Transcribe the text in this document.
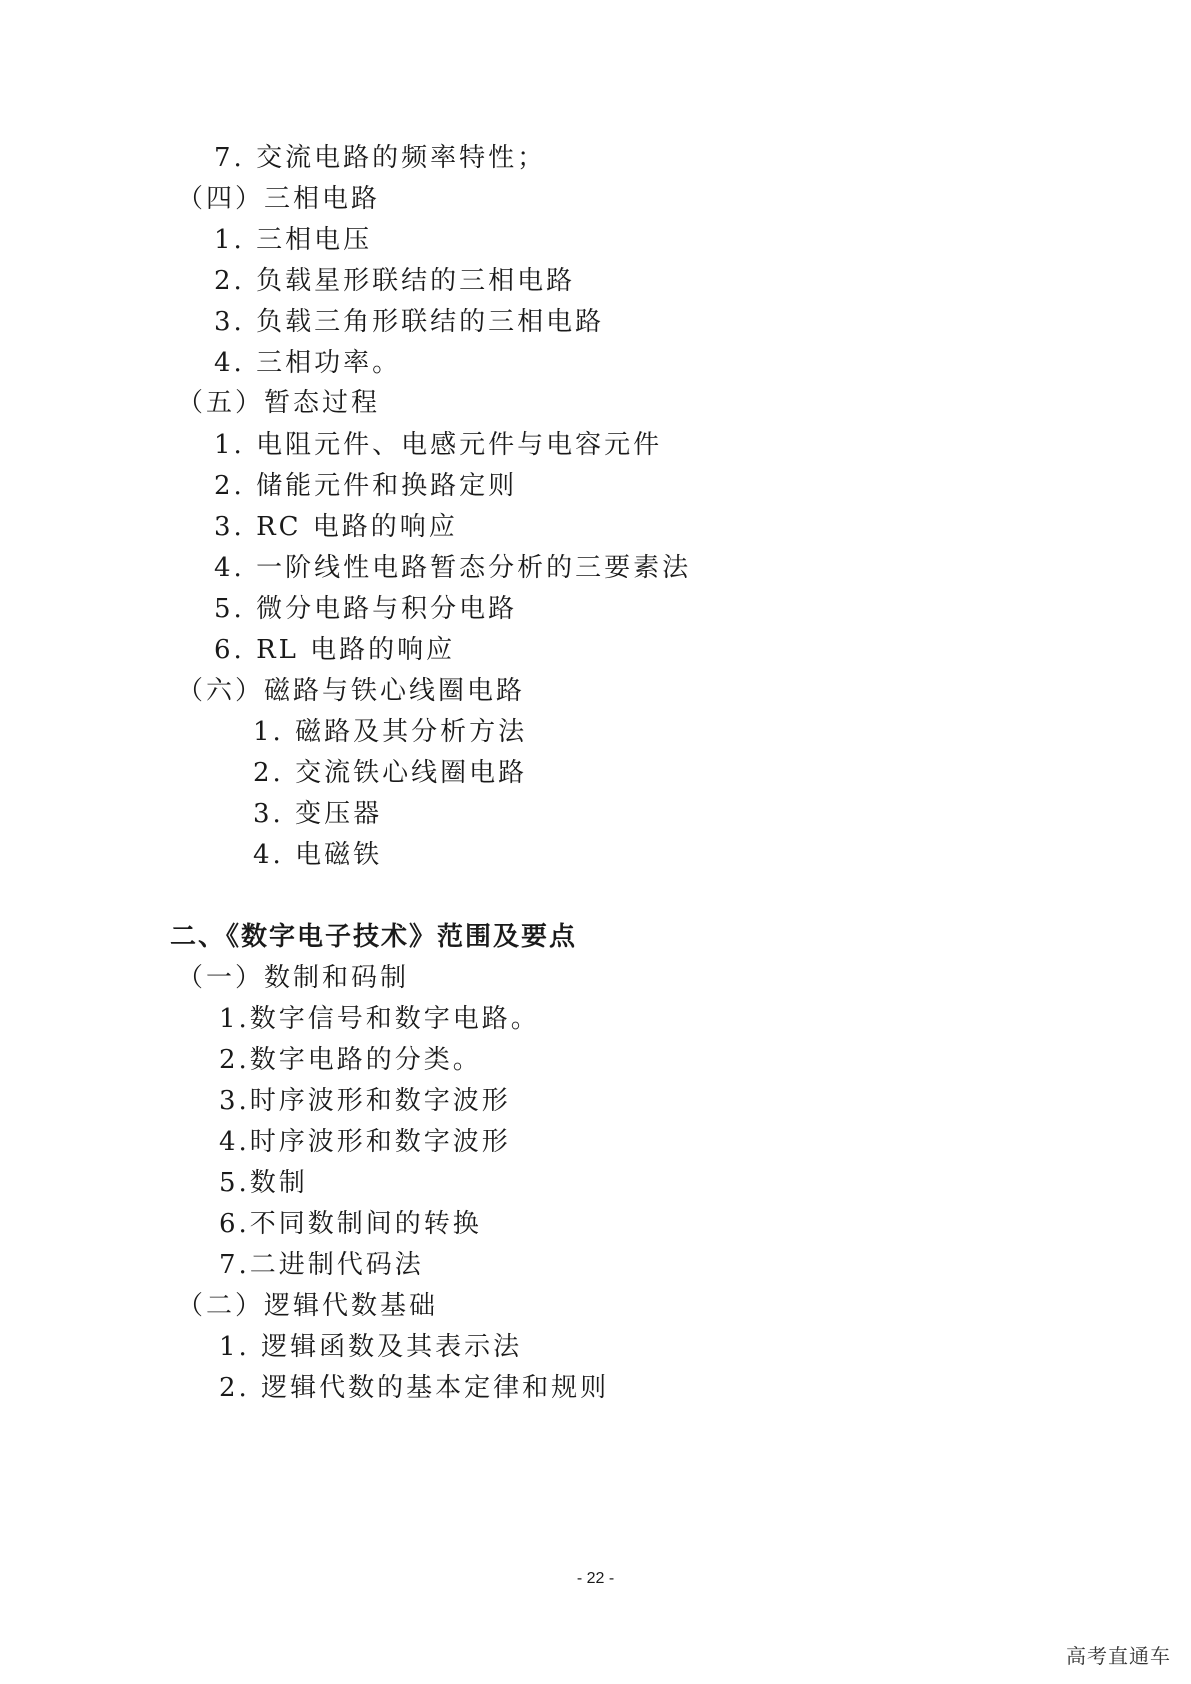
7. 交流电路的频率特性；
（四）三相电路
1. 三相电压
2. 负载星形联结的三相电路
3. 负载三角形联结的三相电路
4. 三相功率。
（五）暂态过程
1. 电阻元件、电感元件与电容元件
2. 储能元件和换路定则
3. RC 电路的响应
4. 一阶线性电路暂态分析的三要素法
5. 微分电路与积分电路
6. RL 电路的响应
（六）磁路与铁心线圈电路
1. 磁路及其分析方法
2. 交流铁心线圈电路
3. 变压器
4. 电磁铁
二、《数字电子技术》范围及要点
（一）数制和码制
1.数字信号和数字电路。
2.数字电路的分类。
3.时序波形和数字波形
4.时序波形和数字波形
5.数制
6.不同数制间的转换
7.二进制代码法
（二）逻辑代数基础
1. 逻辑函数及其表示法
2. 逻辑代数的基本定律和规则
- 22 -
高考直通车
